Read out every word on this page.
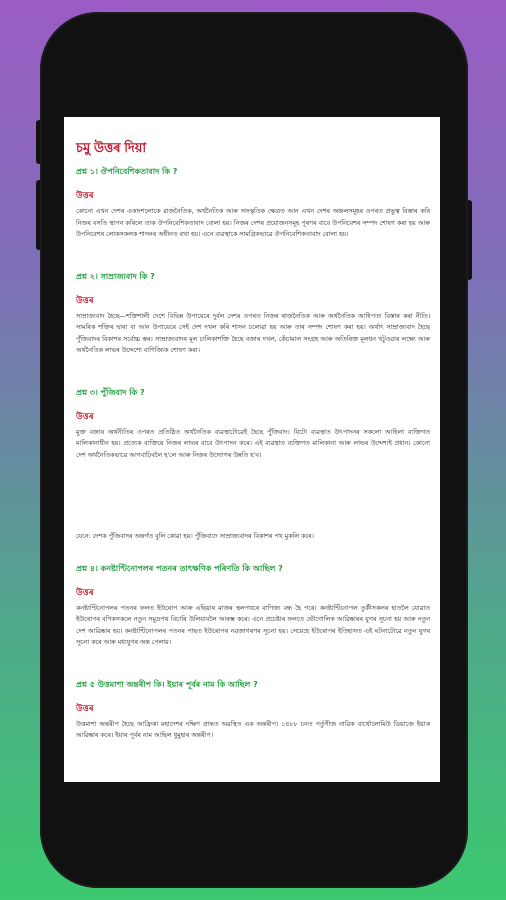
চমু উত্তৰ দিয়া
প্ৰশ্ন ১। ঔপনিবেশিকতাবাদ কি ?
উত্তৰ

কোনো এখন দেশৰ একাংশলোকে রাজনৈতিক, অর্থনৈতিক আৰু সাংস্কৃতিক ক্ষেত্ৰত আন এখন দেশৰ অঞ্চলসমূহৰ ওপৰত প্ৰভুত্ব বিস্তাৰ কৰি নিজৰ বসতি স্থাপন কৰিলে তাক ঔপনিবেশিকতাবাদ বোলা হয়। নিজৰ দেশৰ প্ৰয়োজনসমূহ পূৰণৰ বাবে উপনিবেশৰ সম্পদ শোষণ কৰা হয় আৰু উপনিবেশৰ লোকসকলক শাসনৰ অধীনত ৰখা হয়। এনে ব্যৱস্থাকে সামগ্ৰিকভাৱে ঔপনিবেশিকতাবাদ বোলা হয়।

প্ৰশ্ন ২। সাম্ৰাজ্যবাদ কি ?
উত্তৰ

সাম্ৰাজ্যবাদ হৈছে—শক্তিশালী দেশে বিভিন্ন উপায়েৰে দুৰ্বল দেশৰ ওপৰত নিজৰ ৰাজনৈতিক আৰু অৰ্থনৈতিক আধিপত্য বিস্তাৰ কৰা নীতি। সামৰিক শক্তিৰ দ্বাৰা বা আন উপায়েৰে সেই দেশ দখল কৰি শাসন চলোৱা হয় আৰু তাৰ সম্পদ শোষণ কৰা হয়। অৰ্থাৎ সাম্ৰাজ্যবাদ হৈছে পুঁজিবাদৰ বিকাশৰ সৰ্বোচ্চ স্তৰ। সাম্ৰাজ্যবাদৰ মূল চালিকাশক্তি হৈছে বজাৰ দখল, কেঁচামাল সংগ্ৰহ আৰু অতিৰিক্ত মূলধন খটুওৱাৰ লক্ষ্যে আৰু অৰ্থনৈতিক লাভৰ উদ্দেশ্যে বাণিজ্যিক শোষণ কৰা।

প্ৰশ্ন ৩। পুঁজিবাদ কি ?
উত্তৰ

মুক্ত বজাৰ অৰ্থনীতিৰ ওপৰত প্ৰতিষ্ঠিত অৰ্থনৈতিক ব্যৱস্থাটোৱেই হৈছে পুঁজিবাদ। যিটো ব্যৱস্থাত উৎপাদনৰ সকলো আহিলা ব্যক্তিগত মালিকানাধীন হয়। প্ৰত্যেক ব্যক্তিয়ে নিজৰ লাভৰ বাবে উৎপাদন কৰে। এই ব্যৱস্থাত ব্যক্তিগত মালিকানা আৰু লাভৰ উদ্দেশ্যই প্ৰধান। কোনো দেশ অৰ্থনৈতিকভাৱে আগবাঢ়িবলৈ হ'লে আৰু নিজৰ উদ্যোগৰ উন্নতি হ'ব।

যেনে: দেশক পুঁজিবাদৰ অন্তৰ্গত বুলি কোৱা হয়। পুঁজিবাদে সাম্ৰাজ্যবাদৰ বিকাশৰ পথ মুকলি কৰে।

প্ৰশ্ন ৪। কনষ্টাণ্টিনোপলৰ পতনৰ তাৎক্ষণিক পৰিণতি কি আছিল ?
উত্তৰ

কনষ্টাণ্টিনোপলৰ পতনৰ ফলত ইউৰোপ আৰু এছিয়াৰ মাজৰ স্থলপথৰে বাণিজ্য বন্ধ হৈ পৰে। কনষ্টাণ্টিনোপল তুৰ্কীসকলৰ হাতলৈ যোৱাত ইউৰোপৰ বণিকসকলে নতুন সমুদ্ৰপথ বিচাৰি উলিয়াবলৈ আৰম্ভ কৰে। এনে প্ৰচেষ্টাৰ ফলতে ভৌগোলিক আৱিষ্কাৰৰ যুগৰ সূচনা হয় আৰু নতুন দেশ আৱিষ্কাৰ হয়। কনষ্টাণ্টিনোপলৰ পতনৰ পাছত ইউৰোপৰ নৱজাগৰণৰ সূচনা হয়। সেয়েহে ইউৰোপৰ ইতিহাসত এই ঘটনাটোৱে নতুন যুগৰ সূচনা কৰে আৰু মধ্যযুগৰ অন্ত পেলায়।

প্ৰশ্ন ৫ উত্তমাশা অন্তৰীপ কি। ইয়াৰ পূৰ্বৰ নাম কি আছিল ?
উত্তৰ

উত্তমাশা অন্তৰীপ হৈছে আফ্ৰিকা মহাদেশৰ দক্ষিণ প্ৰান্তত অৱস্থিত এক অন্তৰীপ। ১৪৮৮ চনত পৰ্তুগীজ নাৱিক বাৰ্থোলোমিউ ডিয়াজে ইয়াক আৱিষ্কাৰ কৰে। ইয়াৰ পূৰ্বৰ নাম আছিল ধুমুহাৰ অন্তৰীপ।
